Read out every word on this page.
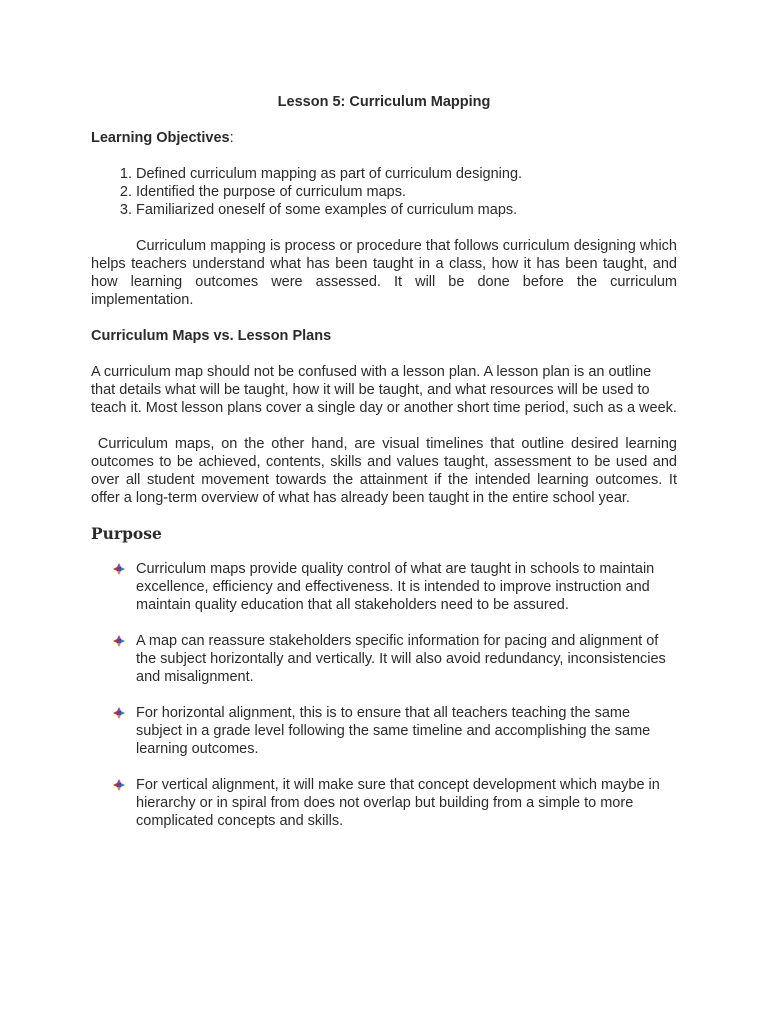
Lesson 5: Curriculum Mapping
Learning Objectives:
1. Defined curriculum mapping as part of curriculum designing.
2. Identified the purpose of curriculum maps.
3. Familiarized oneself of some examples of curriculum maps.

Curriculum mapping is process or procedure that follows curriculum designing which helps teachers understand what has been taught in a class, how it has been taught, and how learning outcomes were assessed. It will be done before the curriculum implementation.

Curriculum Maps vs. Lesson Plans

A curriculum map should not be confused with a lesson plan. A lesson plan is an outline that details what will be taught, how it will be taught, and what resources will be used to teach it. Most lesson plans cover a single day or another short time period, such as a week.

Curriculum maps, on the other hand, are visual timelines that outline desired learning outcomes to be achieved, contents, skills and values taught, assessment to be used and over all student movement towards the attainment if the intended learning outcomes. It offer a long-term overview of what has already been taught in the entire school year.

Purpose
Curriculum maps provide quality control of what are taught in schools to maintain excellence, efficiency and effectiveness. It is intended to improve instruction and maintain quality education that all stakeholders need to be assured.
A map can reassure stakeholders specific information for pacing and alignment of the subject horizontally and vertically. It will also avoid redundancy, inconsistencies and misalignment.
For horizontal alignment, this is to ensure that all teachers teaching the same subject in a grade level following the same timeline and accomplishing the same learning outcomes.
For vertical alignment, it will make sure that concept development which maybe in hierarchy or in spiral from does not overlap but building from a simple to more complicated concepts and skills.
